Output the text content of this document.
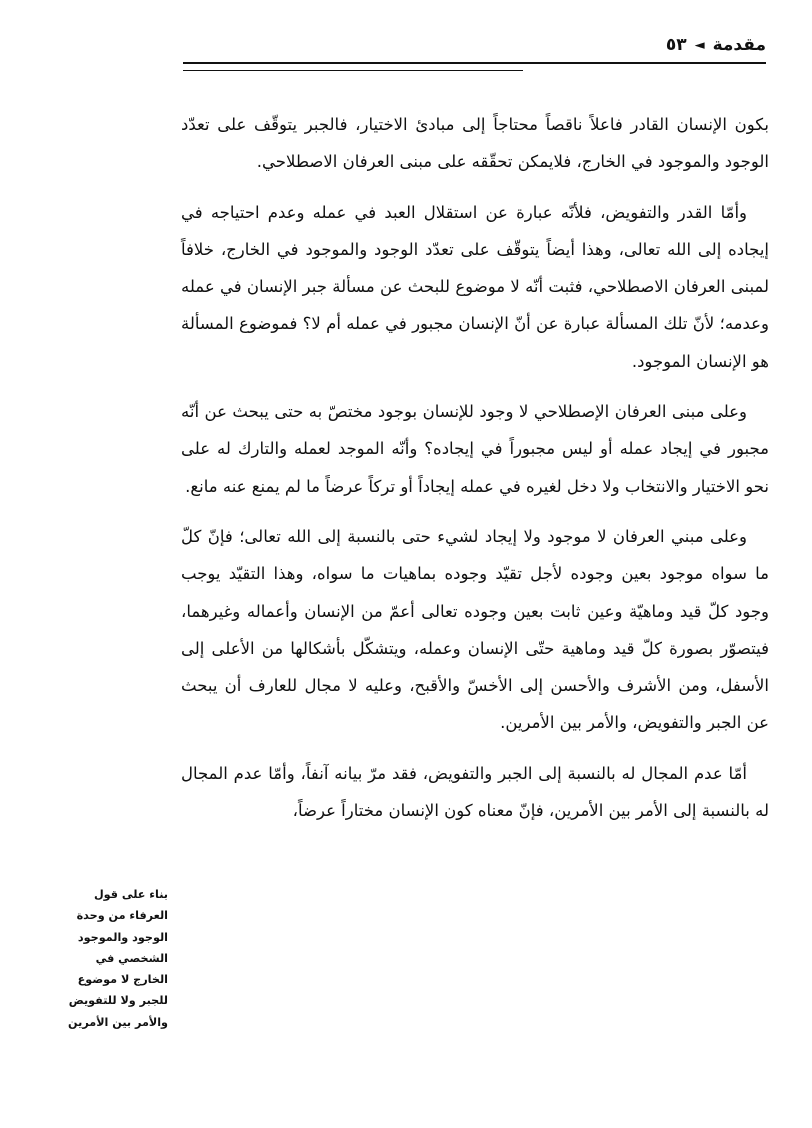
مقدمة
◄
٥٣

بكون الإنسان القادر فاعلاً ناقصاً محتاجاً إلى مبادئ الاختيار، فالجبر يتوقّف على تعدّد الوجود والموجود في الخارج، فلايمكن تحقّقه على مبنى العرفان الاصطلاحي.

وأمّا القدر والتفويض، فلأنّه عبارة عن استقلال العبد في عمله وعدم احتياجه في إيجاده إلى الله تعالى، وهذا أيضاً يتوقّف على تعدّد الوجود والموجود في الخارج، خلافاً لمبنى العرفان الاصطلاحي، فثبت أنّه لا موضوع للبحث عن مسألة جبر الإنسان في عمله وعدمه؛ لأنّ تلك المسألة عبارة عن أنّ الإنسان مجبور في عمله أم لا؟ فموضوع المسألة هو الإنسان الموجود.

وعلى مبنى العرفان الإصطلاحي لا وجود للإنسان بوجود مختصّ به حتى يبحث عن أنّه مجبور في إيجاد عمله أو ليس مجبوراً في إيجاده؟ وأنّه الموجد لعمله والتارك له على نحو الاختيار والانتخاب ولا دخل لغيره في عمله إيجاداً أو تركاً عرضاً ما لم يمنع عنه مانع.

وعلى مبني العرفان لا موجود ولا إيجاد لشيء حتى بالنسبة إلى الله تعالى؛ فإنّ كلّ ما سواه موجود بعين وجوده لأجل تقيّد وجوده بماهيات ما سواه، وهذا التقيّد يوجب وجود كلّ قيد وماهيّة وعين ثابت بعين وجوده تعالى أعمّ من الإنسان وأعماله وغيرهما، فيتصوّر بصورة كلّ قيد وماهية حتّى الإنسان وعمله، ويتشكّل بأشكالها من الأعلى إلى الأسفل، ومن الأشرف والأحسن إلى الأخسّ والأقبح، وعليه لا مجال للعارف أن يبحث عن الجبر والتفويض، والأمر بين الأمرين.

أمّا عدم المجال له بالنسبة إلى الجبر والتفويض، فقد مرّ بيانه آنفاً، وأمّا عدم المجال له بالنسبة إلى الأمر بين الأمرين، فإنّ معناه كون الإنسان مختاراً عرضاً،

بناء على قول العرفاء من وحدة الوجود والموجود الشخصي في الخارج لا موضوع للجبر ولا للتفويض والأمر بين الأمرين
